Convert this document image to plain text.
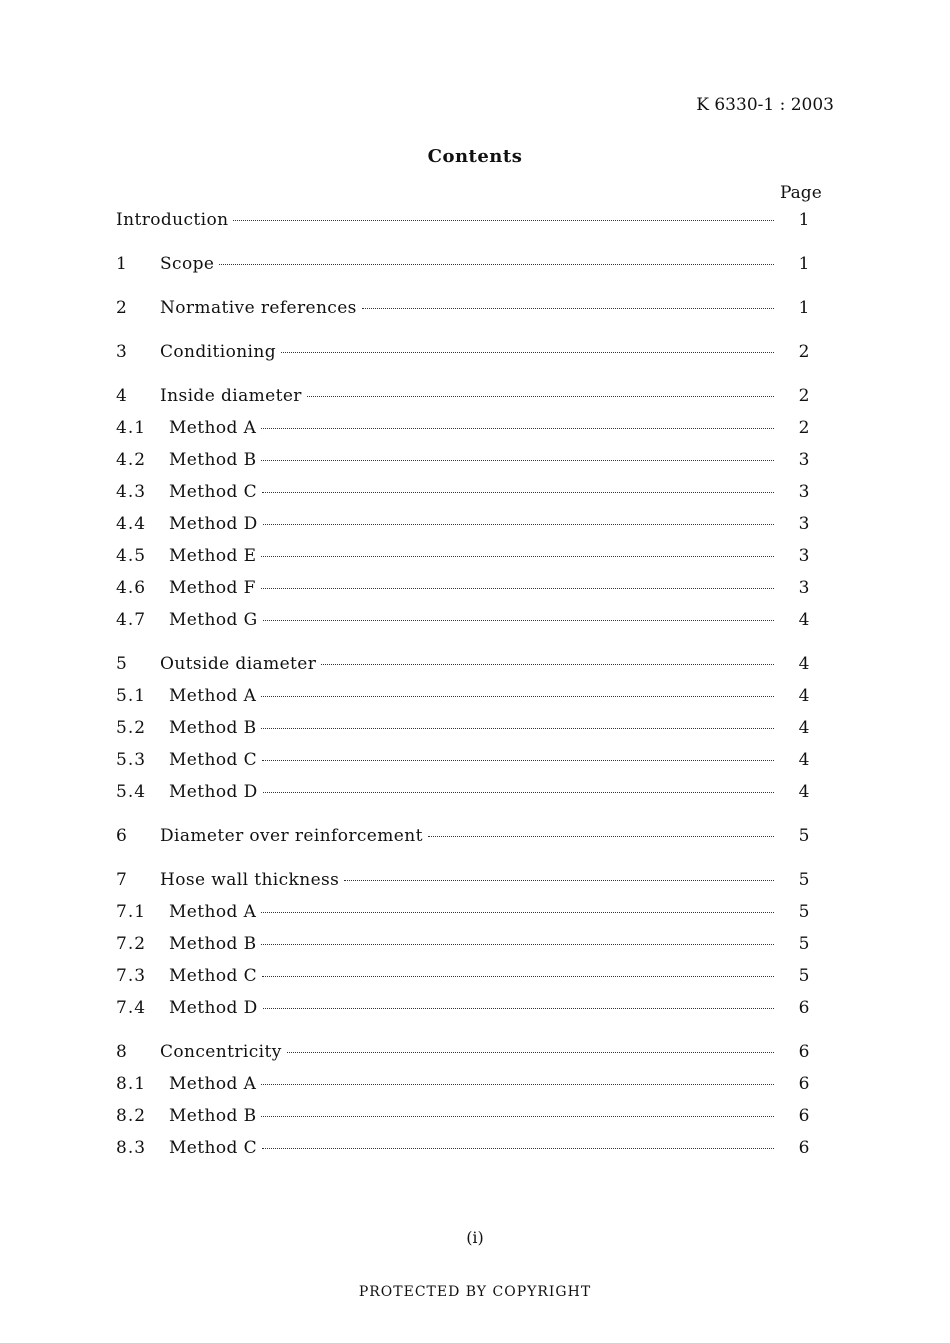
K 6330-1 : 2003
Contents
Page
Introduction	1
1 Scope	1
2 Normative references	1
3 Conditioning	2
4 Inside diameter	2
4.1 Method A	2
4.2 Method B	3
4.3 Method C	3
4.4 Method D	3
4.5 Method E	3
4.6 Method F	3
4.7 Method G	4
5 Outside diameter	4
5.1 Method A	4
5.2 Method B	4
5.3 Method C	4
5.4 Method D	4
6 Diameter over reinforcement	5
7 Hose wall thickness	5
7.1 Method A	5
7.2 Method B	5
7.3 Method C	5
7.4 Method D	6
8 Concentricity	6
8.1 Method A	6
8.2 Method B	6
8.3 Method C	6
(i)
PROTECTED BY COPYRIGHT
